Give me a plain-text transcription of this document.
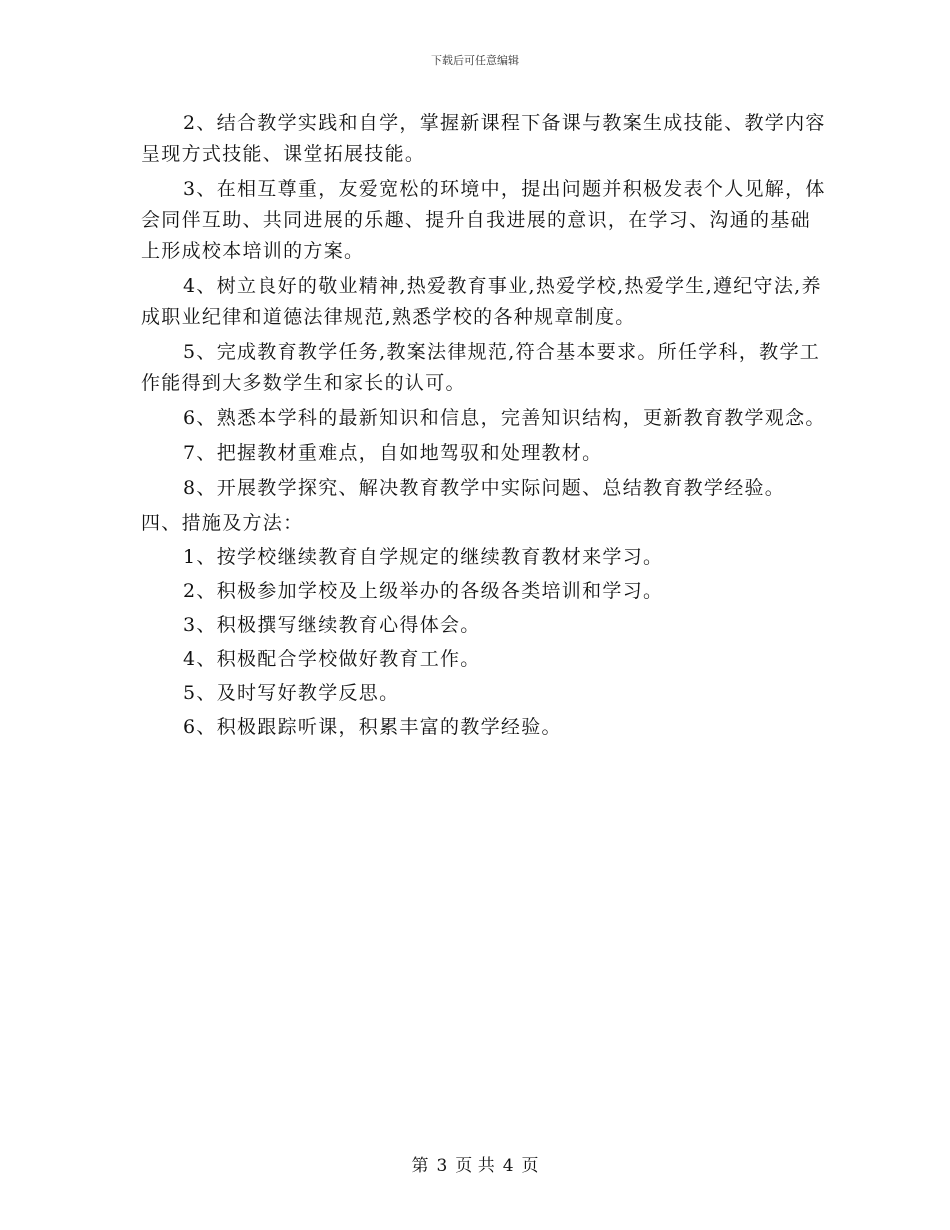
下载后可任意编辑

2、结合教学实践和自学，掌握新课程下备课与教案生成技能、教学内容呈现方式技能、课堂拓展技能。

3、在相互尊重，友爱宽松的环境中，提出问题并积极发表个人见解，体会同伴互助、共同进展的乐趣、提升自我进展的意识，在学习、沟通的基础上形成校本培训的方案。

4、树立良好的敬业精神,热爱教育事业,热爱学校,热爱学生,遵纪守法,养成职业纪律和道德法律规范,熟悉学校的各种规章制度。

5、完成教育教学任务,教案法律规范,符合基本要求。所任学科，教学工作能得到大多数学生和家长的认可。

6、熟悉本学科的最新知识和信息，完善知识结构，更新教育教学观念。

7、把握教材重难点，自如地驾驭和处理教材。

8、开展教学探究、解决教育教学中实际问题、总结教育教学经验。

四、措施及方法：

1、按学校继续教育自学规定的继续教育教材来学习。

2、积极参加学校及上级举办的各级各类培训和学习。

3、积极撰写继续教育心得体会。

4、积极配合学校做好教育工作。

5、及时写好教学反思。

6、积极跟踪听课，积累丰富的教学经验。

第 3 页 共 4 页
